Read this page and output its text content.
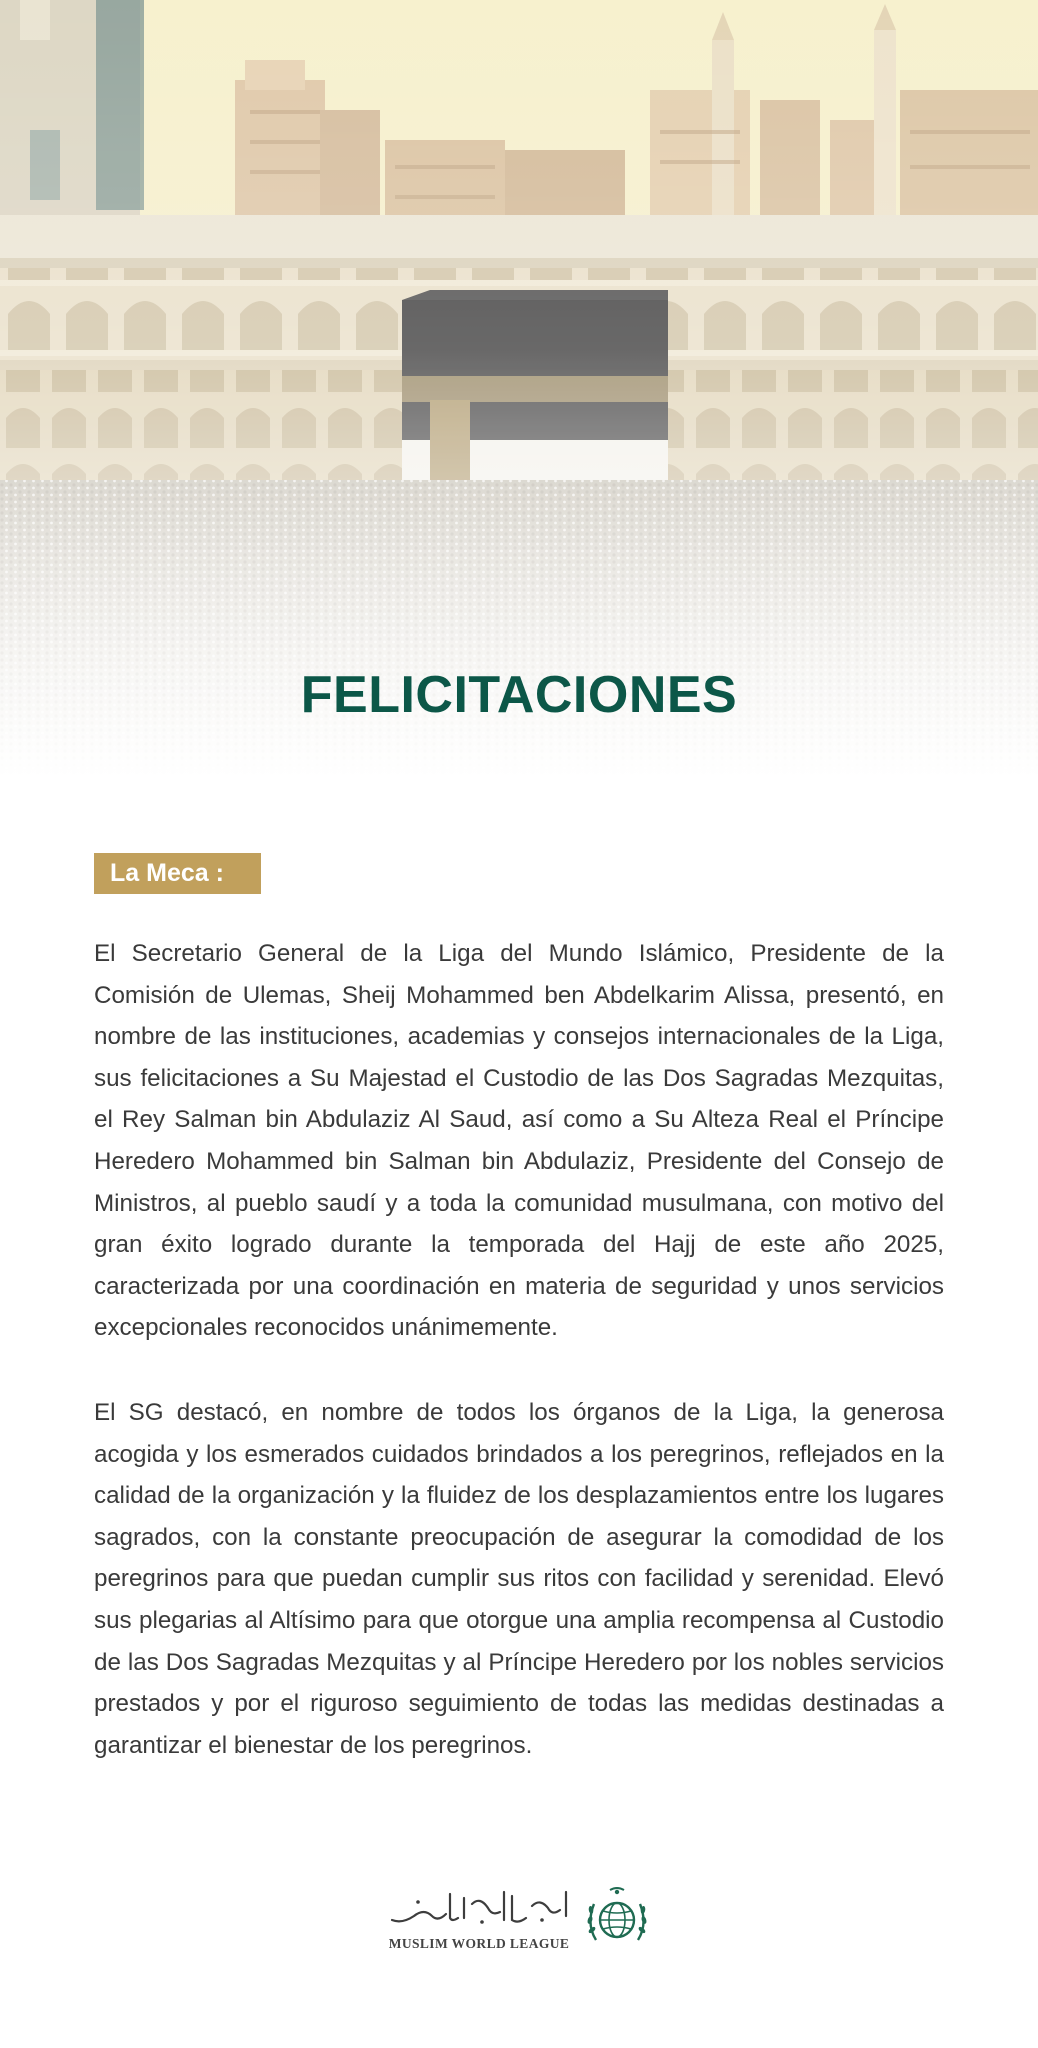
FELICITACIONES
La Meca :

El Secretario General de la Liga del Mundo Islámico, Presidente de la Comisión de Ulemas, Sheij Mohammed ben Abdelkarim Alissa, presentó, en nombre de las instituciones, academias y consejos internacionales de la Liga, sus felicitaciones a Su Majestad el Custodio de las Dos Sagradas Mezquitas, el Rey Salman bin Abdulaziz Al Saud, así como a Su Alteza Real el Príncipe Heredero Mohammed bin Salman bin Abdulaziz, Presidente del Consejo de Ministros, al pueblo saudí y a toda la comunidad musulmana, con motivo del gran éxito logrado durante la temporada del Hajj de este año 2025, caracterizada por una coordinación en materia de seguridad y unos servicios excepcionales reconocidos unánimemente.

El SG destacó, en nombre de todos los órganos de la Liga, la generosa acogida y los esmerados cuidados brindados a los peregrinos, reflejados en la calidad de la organización y la fluidez de los desplazamientos entre los lugares sagrados, con la constante preocupación de asegurar la comodidad de los peregrinos para que puedan cumplir sus ritos con facilidad y serenidad. Elevó sus plegarias al Altísimo para que otorgue una amplia recompensa al Custodio de las Dos Sagradas Mezquitas y al Príncipe Heredero por los nobles servicios prestados y por el riguroso seguimiento de todas las medidas destinadas a garantizar el bienestar de los peregrinos.

MUSLIM WORLD LEAGUE
